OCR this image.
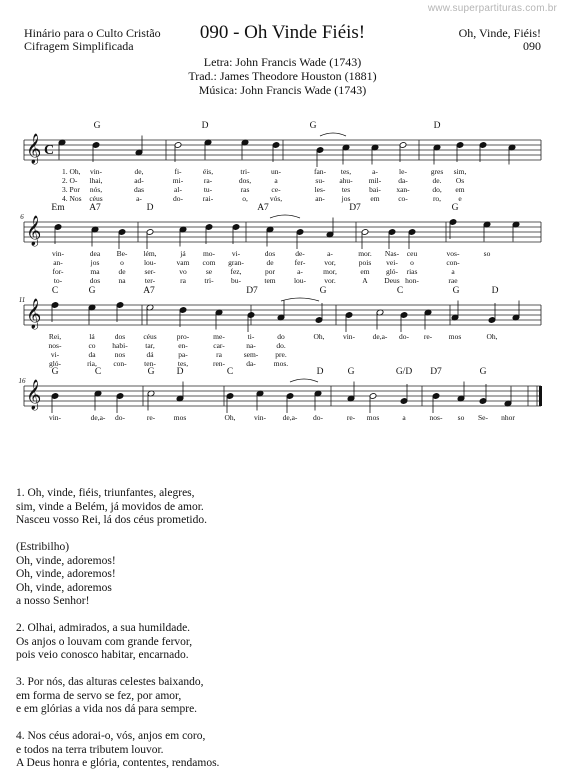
www.superpartituras.com.br
Hinário para o Culto Cristão
Cifragem Simplificada
090 - Oh Vinde Fiéis!	Oh, Vinde, Fiéis!
090
Letra: John Francis Wade (1743)
Trad.: James Theodore Houston (1881)
Música: John Francis Wade (1743)
𝄞 C
G	D	G	D
1. Oh, vin-	de,	fi-	éis,	tri-	un-	fan- tes,	a-	le-	gres sim,
2. O- lhai,	ad-	mi-	ra-	dos,	a	su- ahu- mil- da-	de. Os
3. Por nós,	das	al-	tu-	ras	ce-	les- tes	bai- xan-	do, em
4. Nos céus	a-	do-	rai-	o,	vós,	an- jos	em co-	ro, e
𝄞
6
Em	A7	D	A7	D7	G
vin-	dea Be- lém,	já mo- vi-	dos	de-	a-	mor. Nas- ceu	vos-	so
an-	jos	o	lou-	vam com gran-	de	fer-	vor,	pois vei- o	con-
for-	ma	de	ser-	vo	se fez,	por	a-	mor,	em gló- rias	a
to-	dos na	ter-	ra tri- bu-	tem lou- vor.	A Deus hon-	rae
𝄞
11
C	G	A7	D7	G	C	G	D
Rei,	lá	dos céus	pro-	me-	ti-	do	Oh, vin- de,a- do- re- mos	Oh,
nos-	co habi- tar,	en-	car-	na-	do.
vi-	da	nos	dá	pa-	ra	sem- pre.
gló-	ria, con- ten-	tes,	ren-	da- mos.
𝄞
16
G	C	G D	C	D	G	G/D D7	G
vin-	de,a- do-	re- mos	Oh, vin- de,a- do-	re- mos	a	nos- so Se- nhor

1. Oh, vinde, fiéis, triunfantes, alegres,

sim, vinde a Belém, já movidos de amor.

Nasceu vosso Rei, lá dos céus prometido.

(Estribilho)

Oh, vinde, adoremos!

Oh, vinde, adoremos!

Oh, vinde, adoremos

a nosso Senhor!

2. Olhai, admirados, a sua humildade.

Os anjos o louvam com grande fervor,

pois veio conosco habitar, encarnado.

3. Por nós, das alturas celestes baixando,

em forma de servo se fez, por amor,

e em glórias a vida nos dá para sempre.

4. Nos céus adorai-o, vós, anjos em coro,

e todos na terra tributem louvor.

A Deus honra e glória, contentes, rendamos.
